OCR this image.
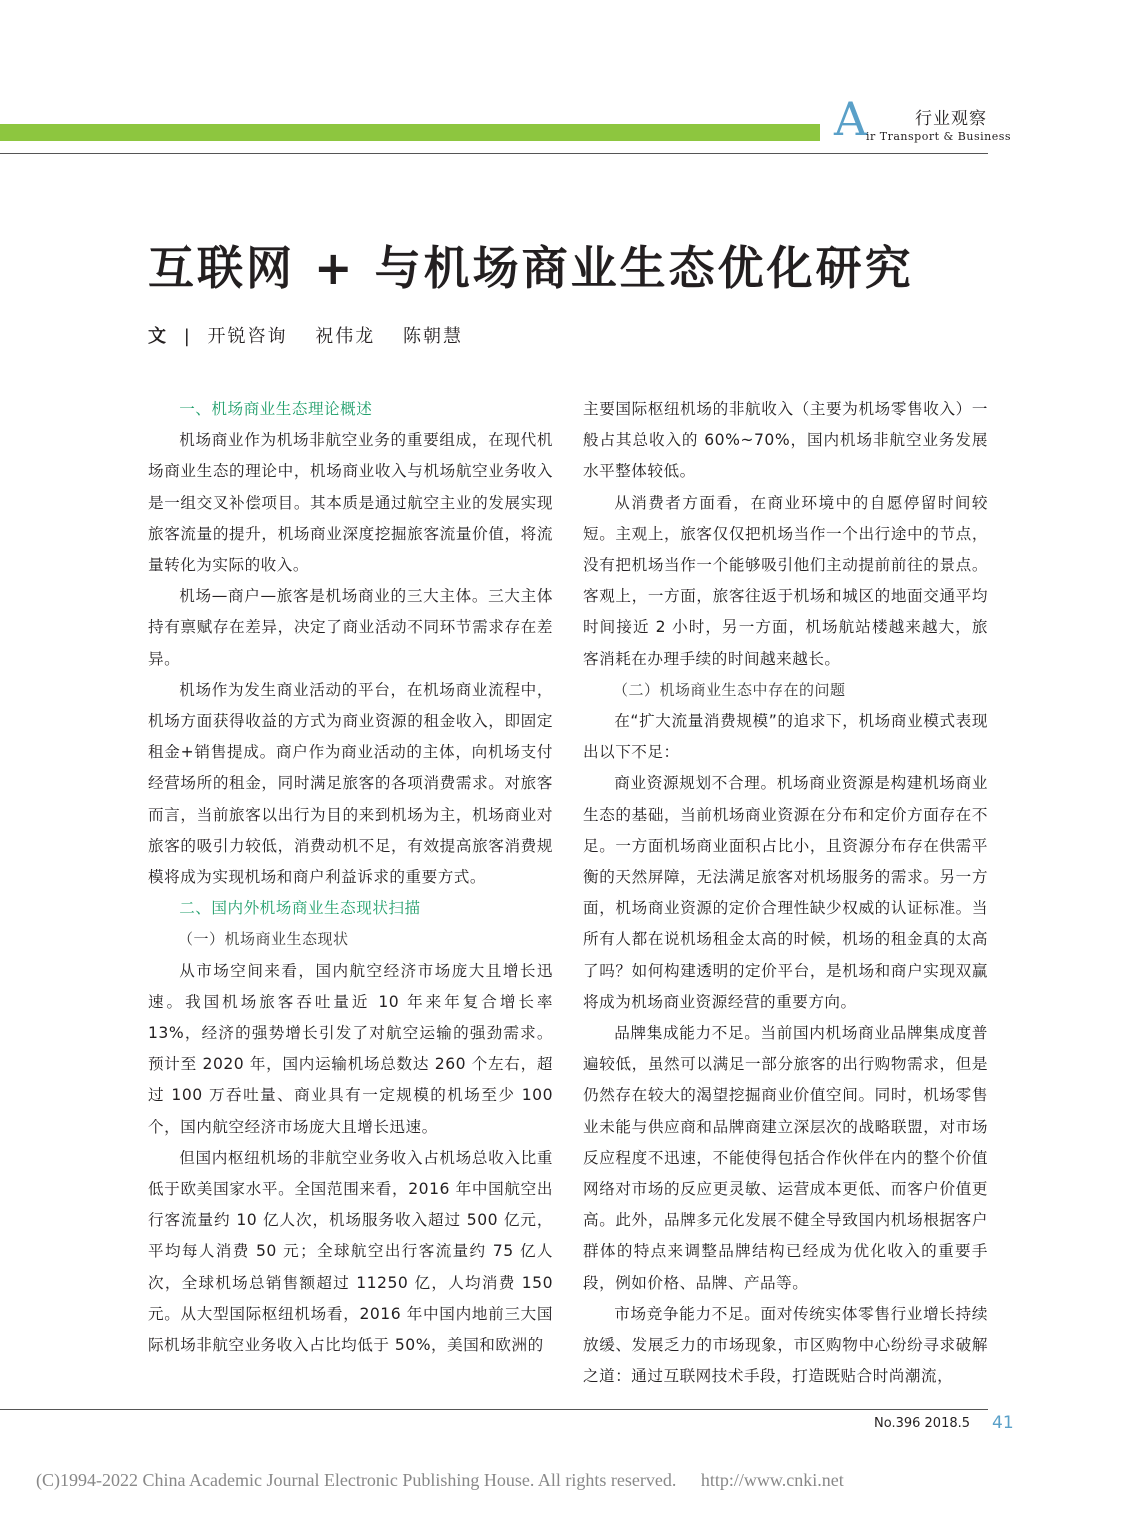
A	行业观察
ir Transport & Business
互联网 + 与机场商业生态优化研究
文 | 开锐咨询 祝伟龙 陈朝慧
一、机场商业生态理论概述

机场商业作为机场非航空业务的重要组成，在现代机场商业生态的理论中，机场商业收入与机场航空业务收入是一组交叉补偿项目。其本质是通过航空主业的发展实现旅客流量的提升，机场商业深度挖掘旅客流量价值，将流量转化为实际的收入。

机场—商户—旅客是机场商业的三大主体。三大主体持有禀赋存在差异，决定了商业活动不同环节需求存在差异。

机场作为发生商业活动的平台，在机场商业流程中，机场方面获得收益的方式为商业资源的租金收入，即固定租金+销售提成。商户作为商业活动的主体，向机场支付经营场所的租金，同时满足旅客的各项消费需求。对旅客而言，当前旅客以出行为目的来到机场为主，机场商业对旅客的吸引力较低，消费动机不足，有效提高旅客消费规模将成为实现机场和商户利益诉求的重要方式。

二、国内外机场商业生态现状扫描
（一）机场商业生态现状

从市场空间来看，国内航空经济市场庞大且增长迅速。我国机场旅客吞吐量近 10 年来年复合增长率 13%，经济的强势增长引发了对航空运输的强劲需求。预计至 2020 年，国内运输机场总数达 260 个左右，超过 100 万吞吐量、商业具有一定规模的机场至少 100 个，国内航空经济市场庞大且增长迅速。

但国内枢纽机场的非航空业务收入占机场总收入比重低于欧美国家水平。全国范围来看，2016 年中国航空出行客流量约 10 亿人次，机场服务收入超过 500 亿元，平均每人消费 50 元；全球航空出行客流量约 75 亿人次，全球机场总销售额超过 11250 亿，人均消费 150 元。从大型国际枢纽机场看，2016 年中国内地前三大国际机场非航空业务收入占比均低于 50%，美国和欧洲的

主要国际枢纽机场的非航收入（主要为机场零售收入）一般占其总收入的 60%~70%，国内机场非航空业务发展水平整体较低。

从消费者方面看，在商业环境中的自愿停留时间较短。主观上，旅客仅仅把机场当作一个出行途中的节点，没有把机场当作一个能够吸引他们主动提前前往的景点。客观上，一方面，旅客往返于机场和城区的地面交通平均时间接近 2 小时，另一方面，机场航站楼越来越大，旅客消耗在办理手续的时间越来越长。

（二）机场商业生态中存在的问题

在“扩大流量消费规模”的追求下，机场商业模式表现出以下不足：

商业资源规划不合理。机场商业资源是构建机场商业生态的基础，当前机场商业资源在分布和定价方面存在不足。一方面机场商业面积占比小，且资源分布存在供需平衡的天然屏障，无法满足旅客对机场服务的需求。另一方面，机场商业资源的定价合理性缺少权威的认证标准。当所有人都在说机场租金太高的时候，机场的租金真的太高了吗？如何构建透明的定价平台，是机场和商户实现双赢将成为机场商业资源经营的重要方向。

品牌集成能力不足。当前国内机场商业品牌集成度普遍较低，虽然可以满足一部分旅客的出行购物需求，但是仍然存在较大的渴望挖掘商业价值空间。同时，机场零售业未能与供应商和品牌商建立深层次的战略联盟，对市场反应程度不迅速，不能使得包括合作伙伴在内的整个价值网络对市场的反应更灵敏、运营成本更低、而客户价值更高。此外，品牌多元化发展不健全导致国内机场根据客户群体的特点来调整品牌结构已经成为优化收入的重要手段，例如价格、品牌、产品等。

市场竞争能力不足。面对传统实体零售行业增长持续放缓、发展乏力的市场现象，市区购物中心纷纷寻求破解之道：通过互联网技术手段，打造既贴合时尚潮流，

No.396 2018.5 41
(C)1994-2022 China Academic Journal Electronic Publishing House. All rights reserved. http://www.cnki.net
